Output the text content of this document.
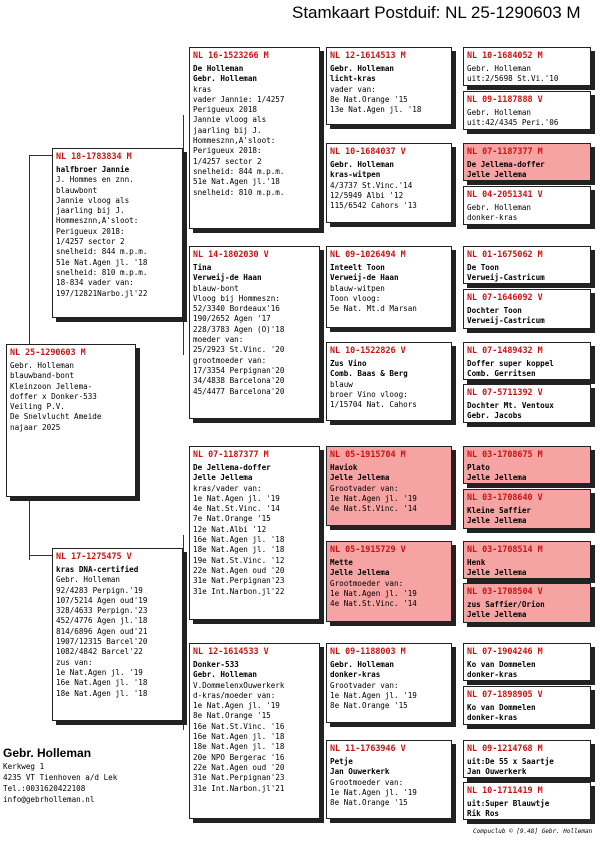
Stamkaart Postduif: NL 25-1290603 M
NL 25-1290603 M
Gebr. Holleman
blauwband-bont
Kleinzoon Jellema-
doffer x Donker-533
Veiling P.V.
De Snelvlucht Ameide
najaar 2025
NL 18-1783834 M
halfbroer Jannie
J. Hommes en znn.
blauwbont
Jannie vloog als
jaarling bij J.
Hommesznn,A'sloot:
Perigueux 2018:
1/4257 sector 2
snelheid: 844 m.p.m.
51e Nat.Agen jl. '18
snelheid: 810 m.p.m.
18-834 vader van:
197/12821Narbo.jl'22
NL 17-1275475 V
kras DNA-certified
Gebr. Holleman
92/4283 Perpign.'19
107/5214 Agen oud'19
328/4633 Perpign.'23
452/4776 Agen jl.'18
814/6896 Agen oud'21
1907/12315 Barcel'20
1082/4842 Barcel'22
zus van:
1e Nat.Agen jl. '19
16e Nat.Agen jl. '18
18e Nat.Agen jl. '18
NL 16-1523266 M
De Holleman
Gebr. Holleman
kras
vader Jannie: 1/4257
Perigueux 2018
Jannie vloog als
jaarling bij J.
Hommesznn,A'sloot:
Perigueux 2018:
1/4257 sector 2
snelheid: 844 m.p.m.
51e Nat.Agen jl.'18
snelheid: 810 m.p.m.
NL 14-1802030 V
Tina
Verweij-de Haan
blauw-bont
Vloog bij Hommeszn:
52/3340 Bordeaux'16
190/2652 Agen '17
228/3783 Agen (O)'18
moeder van:
25/2923 St.Vinc. '20
grootmoeder van:
17/3354 Perpignan'20
34/4838 Barcelona'20
45/4477 Barcelona'20
NL 07-1187377 M
De Jellema-doffer
Jelle Jellema
kras/vader van:
1e Nat.Agen jl. '19
4e Nat.St.Vinc. '14
7e Nat.Orange '15
12e Nat.Albi '12
16e Nat.Agen jl. '18
18e Nat.Agen jl. '18
19e Nat.St.Vinc. '12
22e Nat.Agen oud '20
31e Nat.Perpignan'23
31e Int.Narbon.jl'22
NL 12-1614533 V
Donker-533
Gebr. Holleman
V.DommelenxOuwerkerk
d-kras/moeder van:
1e Nat.Agen jl. '19
8e Nat.Orange '15
16e Nat.St.Vinc. '16
16e Nat.Agen jl. '18
18e Nat.Agen jl. '18
20e NPO Bergerac '16
22e Nat.Agen oud '20
31e Nat.Perpignan'23
31e Int.Narbon.jl'21
NL 12-1614513 M
Gebr. Holleman
licht-kras
vader van:
8e Nat.Orange '15
13e Nat.Agen jl. '18
NL 10-1684037 V
Gebr. Holleman
kras-witpen
4/3737 St.Vinc.'14
12/5949 Albi '12
115/6542 Cahors '13
NL 09-1026494 M
Inteelt Toon
Verweij-de Haan
blauw-witpen
Toon vloog:
5e Nat. Mt.d Marsan
NL 10-1522826 V
Zus Vino
Comb. Baas & Berg
blauw
broer Vino vloog:
1/15704 Nat. Cahors
NL 05-1915704 M
Haviok
Jelle Jellema
Grootvader van:
1e Nat.Agen jl. '19
4e Nat.St.Vinc. '14
NL 05-1915729 V
Mette
Jelle Jellema
Grootmoeder van:
1e Nat.Agen jl. '19
4e Nat.St.Vinc. '14
NL 09-1188003 M
Gebr. Holleman
donker-kras
Grootvader van:
1e Nat.Agen jl. '19
8e Nat.Orange '15
NL 11-1763946 V
Petje
Jan Ouwerkerk
Grootmoeder van:
1e Nat.Agen jl. '19
8e Nat.Orange '15
NL 10-1684052 M
Gebr. Holleman
uit:2/5698 St.Vi.'10
NL 09-1187888 V
Gebr. Holleman
uit:42/4345 Peri.'06
NL 07-1187377 M
De Jellema-doffer
Jelle Jellema
NL 04-2051341 V
Gebr. Holleman
donker-kras
NL 01-1675062 M
De Toon
Verweij-Castricum
NL 07-1646092 V
Dochter Toon
Verweij-Castricum
NL 07-1489432 M
Doffer super koppel
Comb. Gerritsen
NL 07-5711392 V
Dochter Mt. Ventoux
Gebr. Jacobs
NL 03-1708675 M
Plato
Jelle Jellema
NL 03-1708640 V
Kleine Saffier
Jelle Jellema
NL 03-1708514 M
Henk
Jelle Jellema
NL 03-1708504 V
zus Saffier/Orion
Jelle Jellema
NL 07-1904246 M
Ko van Dommelen
donker-kras
NL 07-1898905 V
Ko van Dommelen
donker-kras
NL 09-1214768 M
uit:De 55 x Saartje
Jan Ouwerkerk
NL 10-1711419 M
uit:Super Blauwtje
Rik Ros
Gebr. Holleman
Kerkweg 1
4235 VT Tienhoven a/d Lek
Tel.:0031620422108
info@gebrholleman.nl
Compuclub © [9.48] Gebr. Holleman
